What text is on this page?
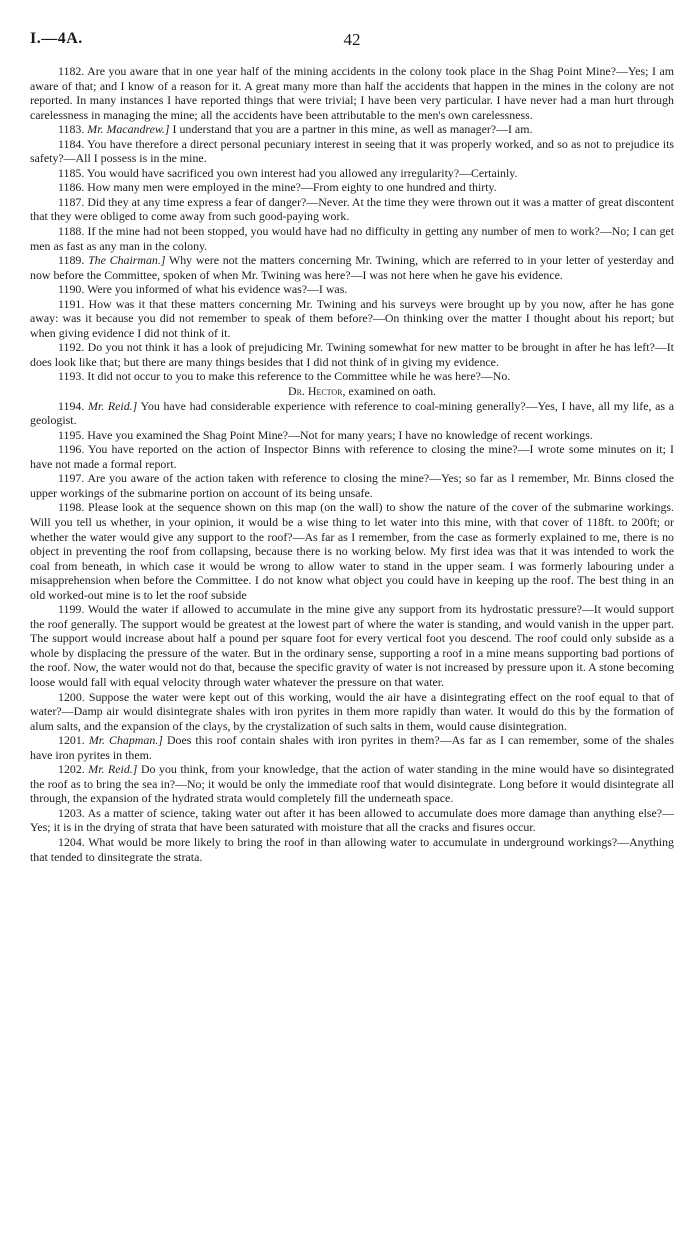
I.—4A.	42

1182. Are you aware that in one year half of the mining accidents in the colony took place in the Shag Point Mine?—Yes; I am aware of that; and I know of a reason for it. A great many more than half the accidents that happen in the mines in the colony are not reported. In many instances I have reported things that were trivial; I have been very particular. I have never had a man hurt through carelessness in managing the mine; all the accidents have been attributable to the men's own carelessness.

1183. Mr. Macandrew.] I understand that you are a partner in this mine, as well as manager?—I am.

1184. You have therefore a direct personal pecuniary interest in seeing that it was properly worked, and so as not to prejudice its safety?—All I possess is in the mine.

1185. You would have sacrificed you own interest had you allowed any irregularity?—Certainly.

1186. How many men were employed in the mine?—From eighty to one hundred and thirty.

1187. Did they at any time express a fear of danger?—Never. At the time they were thrown out it was a matter of great discontent that they were obliged to come away from such good-paying work.

1188. If the mine had not been stopped, you would have had no difficulty in getting any number of men to work?—No; I can get men as fast as any man in the colony.

1189. The Chairman.] Why were not the matters concerning Mr. Twining, which are referred to in your letter of yesterday and now before the Committee, spoken of when Mr. Twining was here?—I was not here when he gave his evidence.

1190. Were you informed of what his evidence was?—I was.

1191. How was it that these matters concerning Mr. Twining and his surveys were brought up by you now, after he has gone away: was it because you did not remember to speak of them before?—On thinking over the matter I thought about his report; but when giving evidence I did not think of it.

1192. Do you not think it has a look of prejudicing Mr. Twining somewhat for new matter to be brought in after he has left?—It does look like that; but there are many things besides that I did not think of in giving my evidence.

1193. It did not occur to you to make this reference to the Committee while he was here?—No.

Dr. Hector, examined on oath.

1194. Mr. Reid.] You have had considerable experience with reference to coal-mining generally?—Yes, I have, all my life, as a geologist.

1195. Have you examined the Shag Point Mine?—Not for many years; I have no knowledge of recent workings.

1196. You have reported on the action of Inspector Binns with reference to closing the mine?—I wrote some minutes on it; I have not made a formal report.

1197. Are you aware of the action taken with reference to closing the mine?—Yes; so far as I remember, Mr. Binns closed the upper workings of the submarine portion on account of its being unsafe.

1198. Please look at the sequence shown on this map (on the wall) to show the nature of the cover of the submarine workings. Will you tell us whether, in your opinion, it would be a wise thing to let water into this mine, with that cover of 118ft. to 200ft; or whether the water would give any support to the roof?—As far as I remember, from the case as formerly explained to me, there is no object in preventing the roof from collapsing, because there is no working below. My first idea was that it was intended to work the coal from beneath, in which case it would be wrong to allow water to stand in the upper seam. I was formerly labouring under a misapprehension when before the Committee. I do not know what object you could have in keeping up the roof. The best thing in an old worked-out mine is to let the roof subside

1199. Would the water if allowed to accumulate in the mine give any support from its hydrostatic pressure?—It would support the roof generally. The support would be greatest at the lowest part of where the water is standing, and would vanish in the upper part. The support would increase about half a pound per square foot for every vertical foot you descend. The roof could only subside as a whole by displacing the pressure of the water. But in the ordinary sense, supporting a roof in a mine means supporting bad portions of the roof. Now, the water would not do that, because the specific gravity of water is not increased by pressure upon it. A stone becoming loose would fall with equal velocity through water whatever the pressure on that water.

1200. Suppose the water were kept out of this working, would the air have a disintegrating effect on the roof equal to that of water?—Damp air would disintegrate shales with iron pyrites in them more rapidly than water. It would do this by the formation of alum salts, and the expansion of the clays, by the crystalization of such salts in them, would cause disintegration.

1201. Mr. Chapman.] Does this roof contain shales with iron pyrites in them?—As far as I can remember, some of the shales have iron pyrites in them.

1202. Mr. Reid.] Do you think, from your knowledge, that the action of water standing in the mine would have so disintegrated the roof as to bring the sea in?—No; it would be only the immediate roof that would disintegrate. Long before it would disintegrate all through, the expansion of the hydrated strata would completely fill the underneath space.

1203. As a matter of science, taking water out after it has been allowed to accumulate does more damage than anything else?—Yes; it is in the drying of strata that have been saturated with moisture that all the cracks and fisures occur.

1204. What would be more likely to bring the roof in than allowing water to accumulate in underground workings?—Anything that tended to dinsitegrate the strata.
